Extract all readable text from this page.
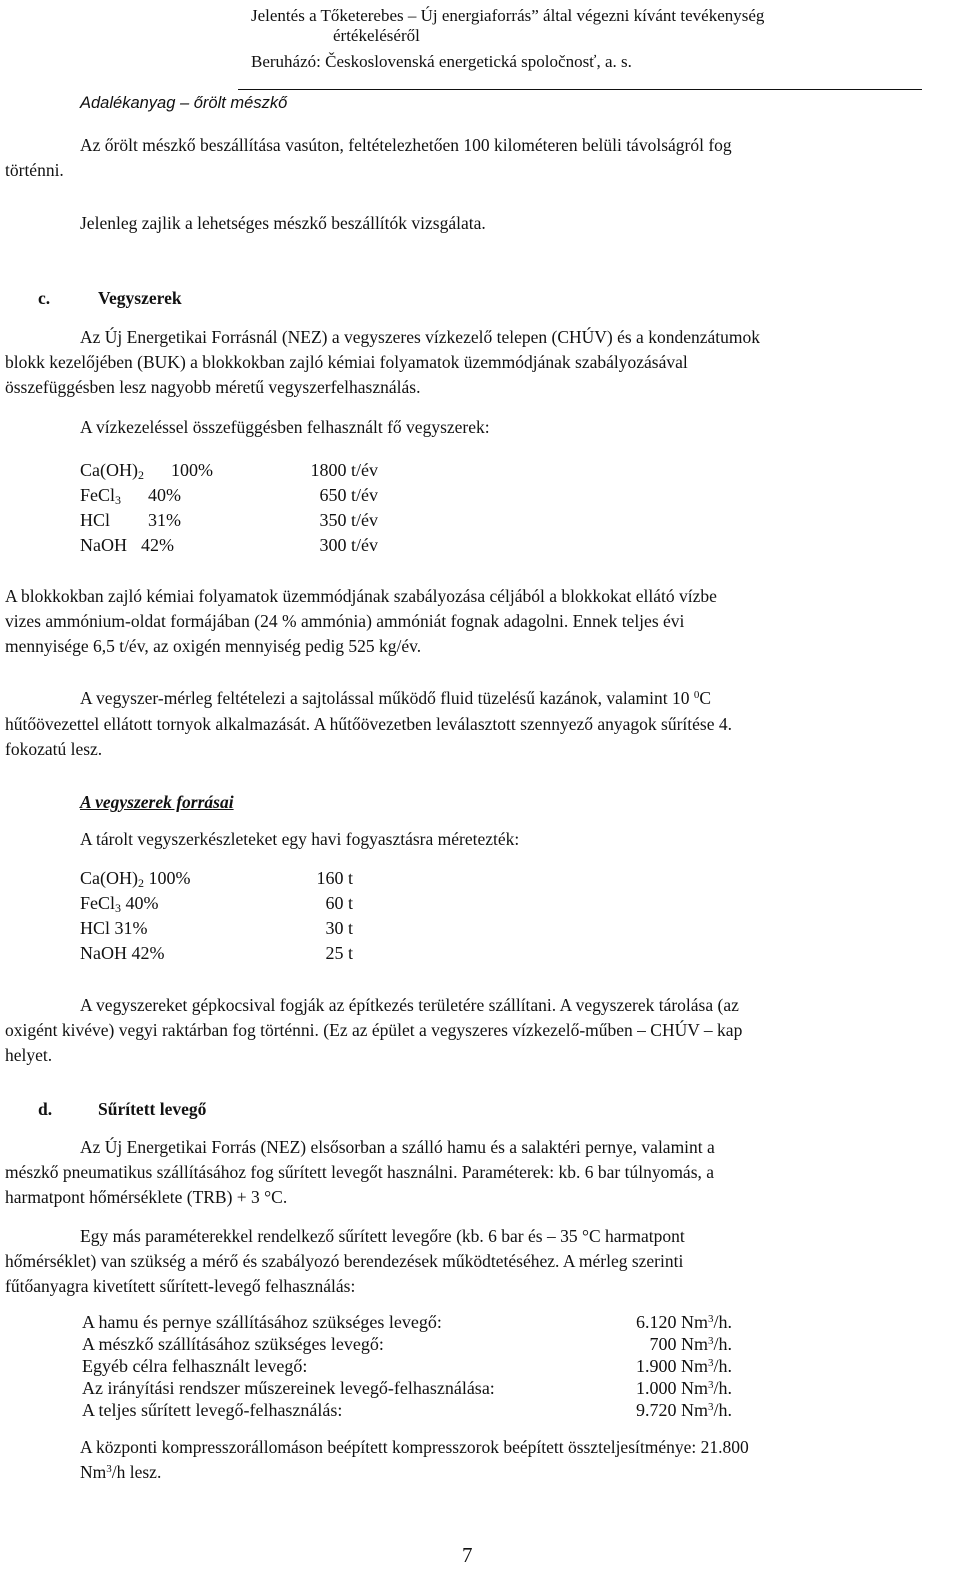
Jelentés a Tőketerebes – Új energiaforrás” által végezni kívánt tevékenység
értékeléséről
Beruházó: Československá energetická spoločnosť, a. s.
Adalékanyag – őrölt mészkő
Az őrölt mészkő beszállítása vasúton, feltételezhetően 100 kilométeren belüli távolságról fog
történni.
Jelenleg zajlik a lehetséges mészkő beszállítók vizsgálata.
c.	Vegyszerek
Az Új Energetikai Forrásnál (NEZ) a vegyszeres vízkezelő telepen (CHÚV) és a kondenzátumok
blokk kezelőjében (BUK) a blokkokban zajló kémiai folyamatok üzemmódjának szabályozásával
összefüggésben lesz nagyobb méretű vegyszerfelhasználás.
A vízkezeléssel összefüggésben felhasznált fő vegyszerek:
$Ca(OH)_2$ 100%	1800 t/év
FeCl$_3$ 40%	650 t/év
HCl 31%	350 t/év
NaOH 42%	300 t/év
A blokkokban zajló kémiai folyamatok üzemmódjának szabályozása céljából a blokkokat ellátó vízbe
vizes ammónium-oldat formájában (24 % ammónia) ammóniát fognak adagolni. Ennek teljes évi
mennyisége 6,5 t/év, az oxigén mennyiség pedig 525 kg/év.
A vegyszer-mérleg feltételezi a sajtolással működő fluid tüzelésű kazánok, valamint 10 $^0$C
hűtőövezettel ellátott tornyok alkalmazását. A hűtőövezetben leválasztott szennyező anyagok sűrítése 4.
fokozatú lesz.
A vegyszerek forrásai
A tárolt vegyszerkészleteket egy havi fogyasztásra méretezték:
$Ca(OH)_2$ 100%	160 t
FeCl$_3$ 40%	60 t
HCl 31%	30 t
NaOH 42%	25 t
A vegyszereket gépkocsival fogják az építkezés területére szállítani. A vegyszerek tárolása (az
oxigént kivéve) vegyi raktárban fog történni. (Ez az épület a vegyszeres vízkezelő-műben – CHÚV – kap
helyet.
d.	Sűrített levegő
Az Új Energetikai Forrás (NEZ) elsősorban a szálló hamu és a salaktéri pernye, valamint a
mészkő pneumatikus szállításához fog sűrített levegőt használni. Paraméterek: kb. 6 bar túlnyomás, a
harmatpont hőmérséklete (TRB) + 3 °C.
Egy más paraméterekkel rendelkező sűrített levegőre (kb. 6 bar és – 35 °C harmatpont
hőmérséklet) van szükség a mérő és szabályozó berendezések működtetéséhez. A mérleg szerinti
fűtőanyagra kivetített sűrített-levegő felhasználás:
A hamu és pernye szállításához szükséges levegő:	6.120 Nm$^3$/h.
A mészkő szállításához szükséges levegő:	700 Nm$^3$/h.
Egyéb célra felhasznált levegő:	1.900 Nm$^3$/h.
Az irányítási rendszer műszereinek levegő-felhasználása:	1.000 Nm$^3$/h.
A teljes sűrített levegő-felhasználás:	9.720 Nm$^3$/h.
A központi kompresszorállomáson beépített kompresszorok beépített összteljesítménye: 21.800
Nm$^3$/h lesz.
7
